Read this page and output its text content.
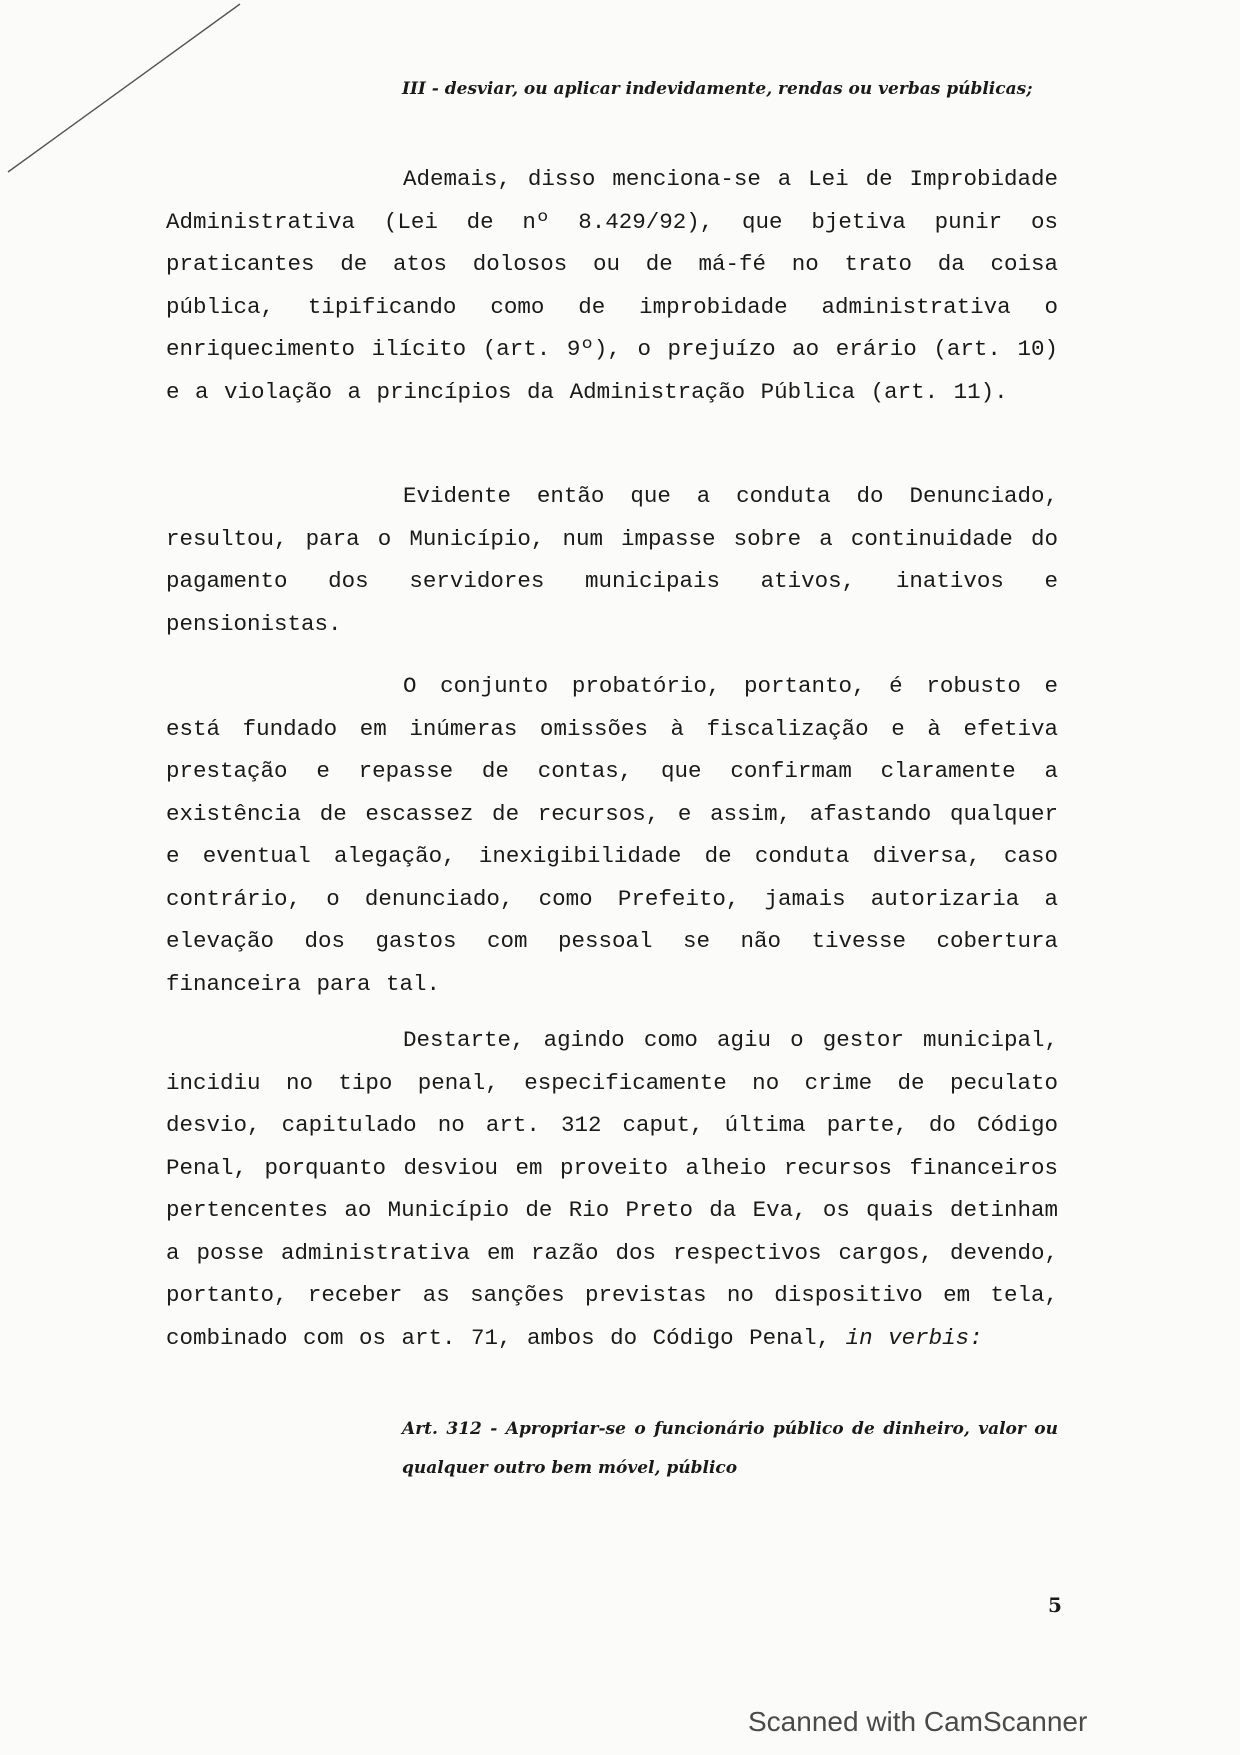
III - desviar, ou aplicar indevidamente, rendas ou verbas públicas;

Ademais, disso menciona-se a Lei de Improbidade Administrativa (Lei de nº 8.429/92), que bjetiva punir os praticantes de atos dolosos ou de má-fé no trato da coisa pública, tipificando como de improbidade administrativa o enriquecimento ilícito (art. 9º), o prejuízo ao erário (art. 10) e a violação a princípios da Administração Pública (art. 11).

Evidente então que a conduta do Denunciado, resultou, para o Município, num impasse sobre a continuidade do pagamento dos servidores municipais ativos, inativos e pensionistas.

O conjunto probatório, portanto, é robusto e está fundado em inúmeras omissões à fiscalização e à efetiva prestação e repasse de contas, que confirmam claramente a existência de escassez de recursos, e assim, afastando qualquer e eventual alegação, inexigibilidade de conduta diversa, caso contrário, o denunciado, como Prefeito, jamais autorizaria a elevação dos gastos com pessoal se não tivesse cobertura financeira para tal.

Destarte, agindo como agiu o gestor municipal, incidiu no tipo penal, especificamente no crime de peculato desvio, capitulado no art. 312 caput, última parte, do Código Penal, porquanto desviou em proveito alheio recursos financeiros pertencentes ao Município de Rio Preto da Eva, os quais detinham a posse administrativa em razão dos respectivos cargos, devendo, portanto, receber as sanções previstas no dispositivo em tela, combinado com os art. 71, ambos do Código Penal, in verbis:

Art. 312 - Apropriar-se o funcionário público de dinheiro, valor ou qualquer outro bem móvel, público

5
Scanned with CamScanner
